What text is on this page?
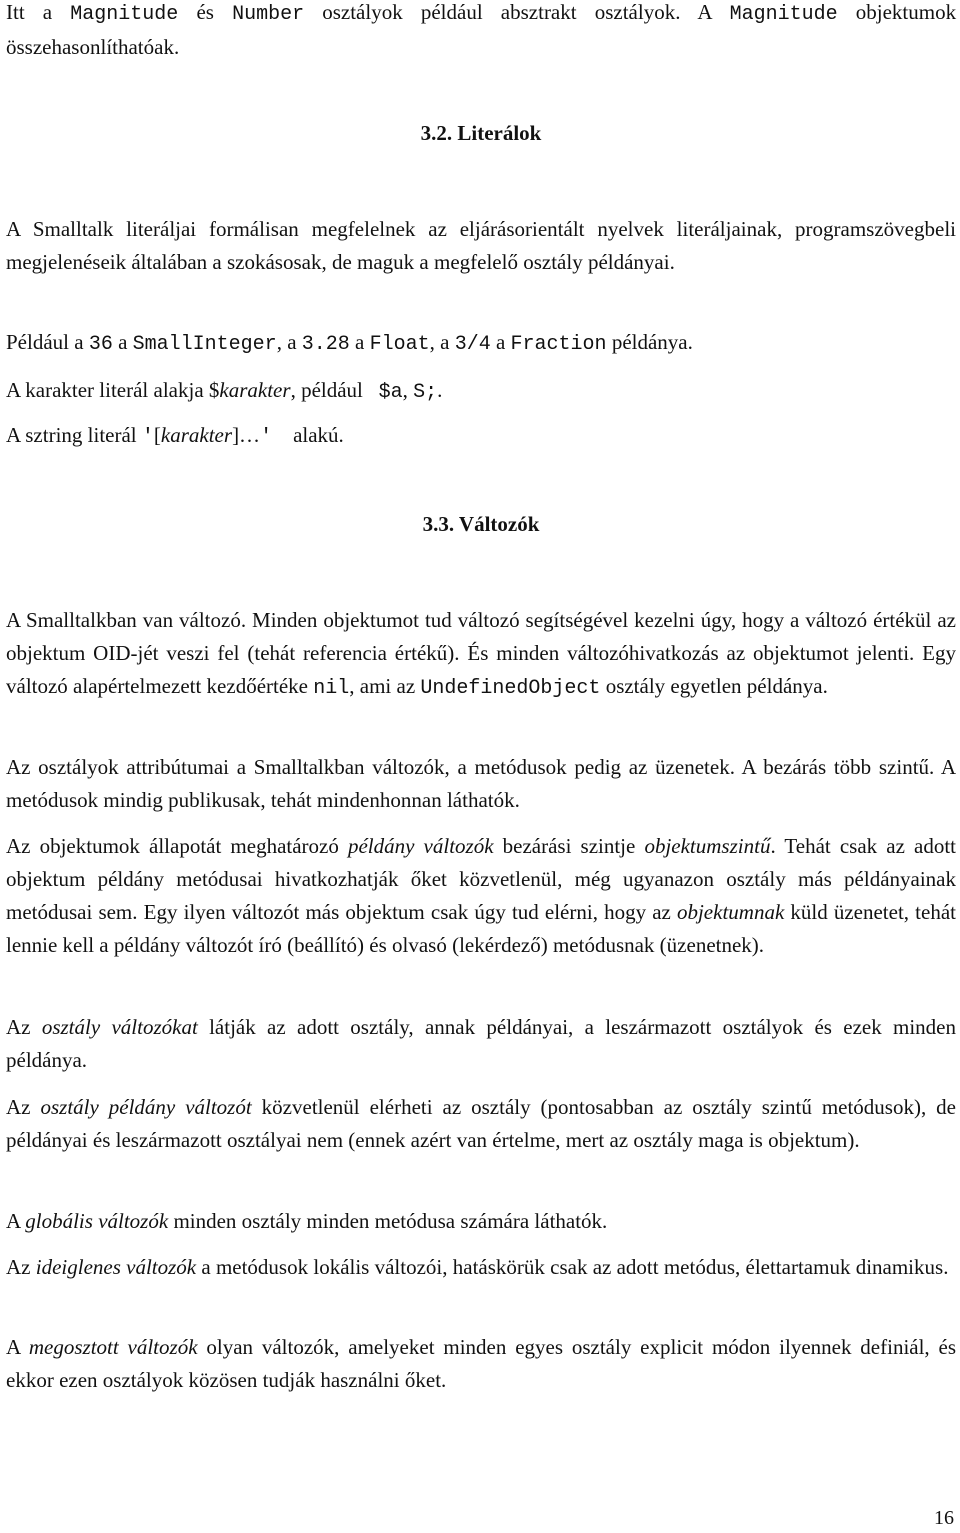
Itt a Magnitude és Number osztályok például absztrakt osztályok. A Magnitude objektumok összehasonlíthatóak.

3.2. Literálok

A Smalltalk literáljai formálisan megfelelnek az eljárásorientált nyelvek literáljainak, programszövegbeli megjelenéseik általában a szokásosak, de maguk a megfelelő osztály példányai.

Például a 36 a SmallInteger, a 3.28 a Float, a 3/4 a Fraction példánya.

A karakter literál alakja $karakter, például $a, S;.

A sztring literál '[karakter]…' alakú.

3.3. Változók

A Smalltalkban van változó. Minden objektumot tud változó segítségével kezelni úgy, hogy a változó értékül az objektum OID-jét veszi fel (tehát referencia értékű). És minden változóhivatkozás az objektumot jelenti. Egy változó alapértelmezett kezdőértéke nil, ami az UndefinedObject osztály egyetlen példánya.

Az osztályok attribútumai a Smalltalkban változók, a metódusok pedig az üzenetek. A bezárás több szintű. A metódusok mindig publikusak, tehát mindenhonnan láthatók.

Az objektumok állapotát meghatározó példány változók bezárási szintje objektumszintű. Tehát csak az adott objektum példány metódusai hivatkozhatják őket közvetlenül, még ugyanazon osztály más példányainak metódusai sem. Egy ilyen változót más objektum csak úgy tud elérni, hogy az objektumnak küld üzenetet, tehát lennie kell a példány változót író (beállító) és olvasó (lekérdező) metódusnak (üzenetnek).

Az osztály változókat látják az adott osztály, annak példányai, a leszármazott osztályok és ezek minden példánya.

Az osztály példány változót közvetlenül elérheti az osztály (pontosabban az osztály szintű metódusok), de példányai és leszármazott osztályai nem (ennek azért van értelme, mert az osztály maga is objektum).

A globális változók minden osztály minden metódusa számára láthatók.

Az ideiglenes változók a metódusok lokális változói, hatáskörük csak az adott metódus, élettartamuk dinamikus.

A megosztott változók olyan változók, amelyeket minden egyes osztály explicit módon ilyennek definiál, és ekkor ezen osztályok közösen tudják használni őket.

16
